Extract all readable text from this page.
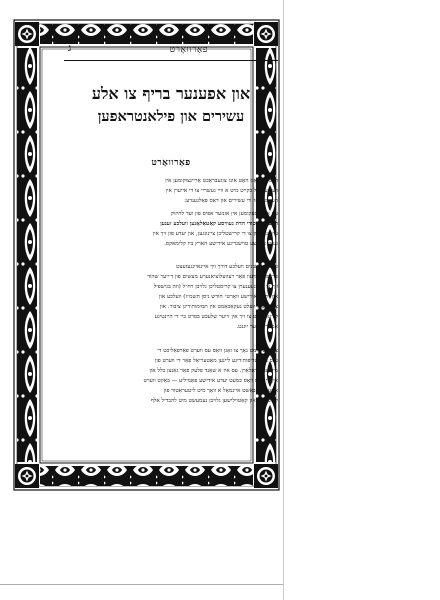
פאַרוואָרט
ג
און אפענער בריף צו אלע
עשירים און פילאנטראפען
פאַרוואָרט
די סיבה וואָס האָט אונז צוגעבראַכט אַריינצוקומען אין
דער עפנטליכקייט מיט א וויי געשריי צו די אייערן אין
העדצער פון די עשירים און דאָס פּאָלגענדע:
עס איז אָנגעקומען אין אונזער אפיס פון ועד לחיזוק
הכשרות ויסודי הדת געוויסע קאַטאַלאָגען וועלכע זענען
עושינען און צו די קרישטליכן ציינונגען, און יעדע פון זיך אין
גענוג אידישע טוישנדיגע אידישע הארץ ביז קלימאקס.
געמליך ראַבנים וועלכע דורך זיך איינאיינגעזעצט
פּראָפּאַגאַנדעוו פאַר רעוועלוציאנערע מעשים פון ד׳ייער שהוד
זיך צו דערנעענערן צו קריסטליכן גלויבן רח״ל (וזה בגישפּיל
אין ״דאָס אידישע וואָרט״ חודש ניסן תשמ״ז) וועלכע און
צוגעליכען וועלט נעקאַכאַמט אין תמימות׳דיגן ציבור. און
לידער רופט צו זיך אין זייער שלעכט בסרט ביי די היינטיגע
אַמעריקאַנער יוגנט.
צו דעם קומט נאָך צו זאָגן וואָס עס ווערט פאַרפאַליכט די
גאַס מיט טריפות׳דיגע ליינען מאַטעריאַל פאַר די ווערט פון
מיליאָנען דאָלאַרן. עס איז א שאַנד פּלעק פאַר גאַנצן כלל און
אין די צייט וואָס כמעט יעדע אידישע פאַמיליע — באַקט ווערט
אנגעפילט באַשט איינמאָל א וואָך מיט ליטעראַטור פון
קריסטליך און קאַטוילישען גלויבן נעמעשט מיט להבדיל אלף
